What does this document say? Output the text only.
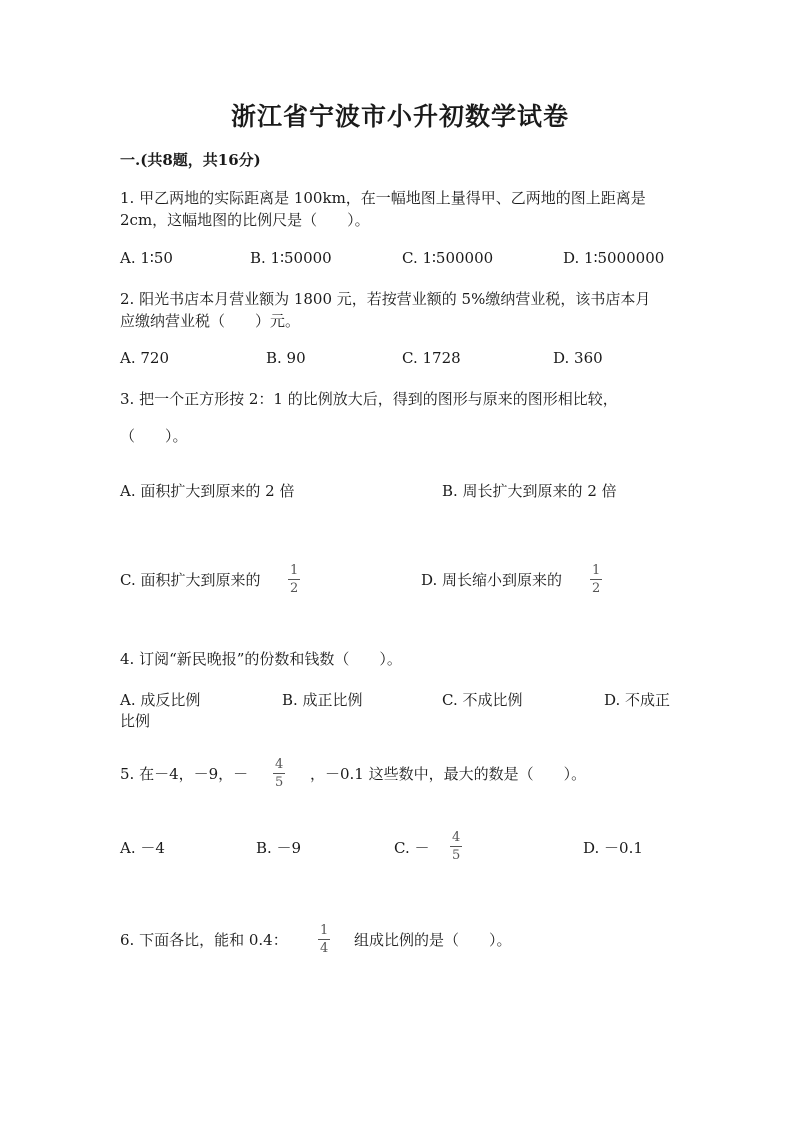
浙江省宁波市小升初数学试卷
一.(共8题，共16分)
1. 甲乙两地的实际距离是 100km，在一幅地图上量得甲、乙两地的图上距离是
2cm，这幅地图的比例尺是（　　）。
A. 1∶50	B. 1∶50000	C. 1∶500000	D. 1∶5000000
2. 阳光书店本月营业额为 1800 元，若按营业额的 5%缴纳营业税，该书店本月
应缴纳营业税（　　）元。
A. 720	B. 90	C. 1728	D. 360
3. 把一个正方形按 2：1 的比例放大后，得到的图形与原来的图形相比较，
（　　）。
A. 面积扩大到原来的 2 倍	B. 周长扩大到原来的 2 倍
C. 面积扩大到原来的 $\frac{1}{2}$	D. 周长缩小到原来的 $\frac{1}{2}$
4. 订阅“新民晚报”的份数和钱数（　　）。
A. 成反比例	B. 成正比例	C. 不成比例	D. 不成正
比例
5. 在－4，－9，－ $\frac{4}{5}$ ，－0.1 这些数中，最大的数是（　　）。
A. －4	B. －9	C. － $\frac{4}{5}$	D. －0.1
6. 下面各比，能和 0.4： $\frac{1}{4}$ 组成比例的是（　　）。
